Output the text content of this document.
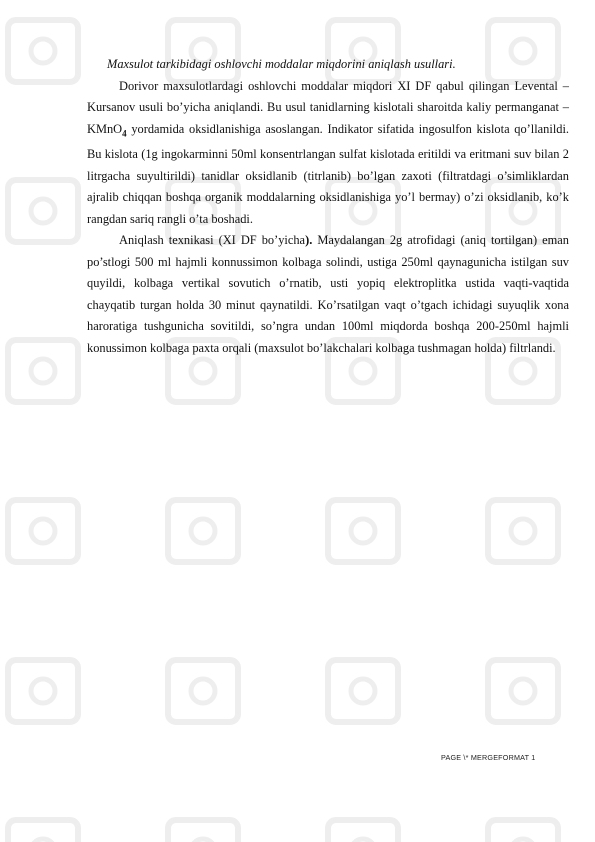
Maxsulot tarkibidagi oshlovchi moddalar miqdorini aniqlash usullari.

Dorivor maxsulotlardagi oshlovchi moddalar miqdori XI DF qabul qilingan Levental – Kursanov usuli bo’yicha aniqlandi. Bu usul tanidlarning kislotali sharoitda kaliy permanganat – KMnO$_4$ yordamida oksidlanishiga asoslangan. Indikator sifatida ingosulfon kislota qo’llanildi. Bu kislota (1g ingokarminni 50ml konsentrlangan sulfat kislotada eritildi va eritmani suv bilan 2 litrgacha suyultirildi) tanidlar oksidlanib (titrlanib) bo’lgan zaxoti (filtratdagi o’simliklardan ajralib chiqqan boshqa organik moddalarning oksidlanishiga yo’l bermay) o’zi oksidlanib, ko’k rangdan sariq rangli o’ta boshadi.

Aniqlash texnikasi (XI DF bo’yicha). Maydalangan 2g atrofidagi (aniq tortilgan) eman po’stlogi 500 ml hajmli konnussimon kolbaga solindi, ustiga 250ml qaynagunicha istilgan suv quyildi, kolbaga vertikal sovutich o’rnatib, usti yopiq elektroplitka ustida vaqti-vaqtida chayqatib turgan holda 30 minut qaynatildi. Ko’rsatilgan vaqt o’tgach ichidagi suyuqlik xona haroratiga tushgunicha sovitildi, so’ngra undan 100ml miqdorda boshqa 200-250ml hajmli konussimon kolbaga paxta orqali (maxsulot bo’lakchalari kolbaga tushmagan holda) filtrlandi.

PAGE \* MERGEFORMAT 1
